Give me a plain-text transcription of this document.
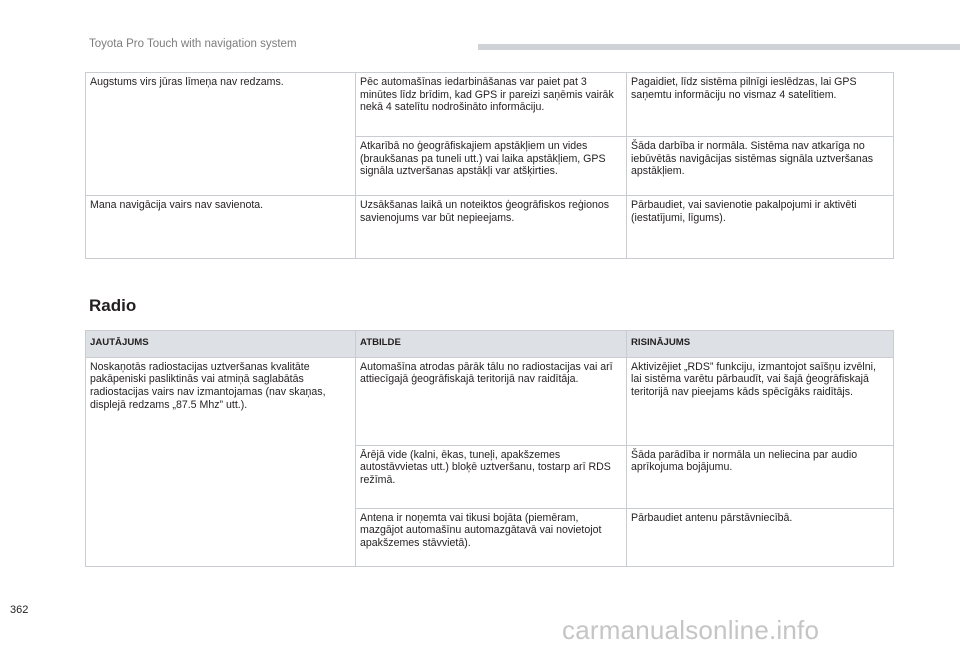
Toyota Pro Touch with navigation system
Augstums virs jūras līmeņa nav redzams.	Pēc automašīnas iedarbināšanas var paiet pat 3 minūtes līdz brīdim, kad GPS ir pareizi saņēmis vairāk nekā 4 satelītu nodrošināto informāciju.	Pagaidiet, līdz sistēma pilnīgi ieslēdzas, lai GPS saņemtu informāciju no vismaz 4 satelītiem.
	Atkarībā no ģeogrāfiskajiem apstākļiem un vides (braukšanas pa tuneli utt.) vai laika apstākļiem, GPS signāla uztveršanas apstākļi var atšķirties.	Šāda darbība ir normāla. Sistēma nav atkarīga no iebūvētās navigācijas sistēmas signāla uztveršanas apstākļiem.
Mana navigācija vairs nav savienota.	Uzsākšanas laikā un noteiktos ģeogrāfiskos reģionos savienojums var būt nepieejams.	Pārbaudiet, vai savienotie pakalpojumi ir aktivēti (iestatījumi, līgums).
Radio
JAUTĀJUMS	ATBILDE	RISINĀJUMS
Noskaņotās radiostacijas uztveršanas kvalitāte pakāpeniski pasliktinās vai atmiņā saglabātās radiostacijas vairs nav izmantojamas (nav skaņas, displejā redzams „87.5 Mhz” utt.).	Automašīna atrodas pārāk tālu no radiostacijas vai arī attiecīgajā ģeogrāfiskajā teritorijā nav raidītāja.	Aktivizējiet „RDS” funkciju, izmantojot saīšņu izvēlni, lai sistēma varētu pārbaudīt, vai šajā ģeogrāfiskajā teritorijā nav pieejams kāds spēcīgāks raidītājs.
	Ārējā vide (kalni, ēkas, tuneļi, apakšzemes autostāvvietas utt.) bloķē uztveršanu, tostarp arī RDS režīmā.	Šāda parādība ir normāla un neliecina par audio aprīkojuma bojājumu.
	Antena ir noņemta vai tikusi bojāta (piemēram, mazgājot automašīnu automazgātavā vai novietojot apakšzemes stāvvietā).	Pārbaudiet antenu pārstāvniecībā.
362
carmanualsonline.info
